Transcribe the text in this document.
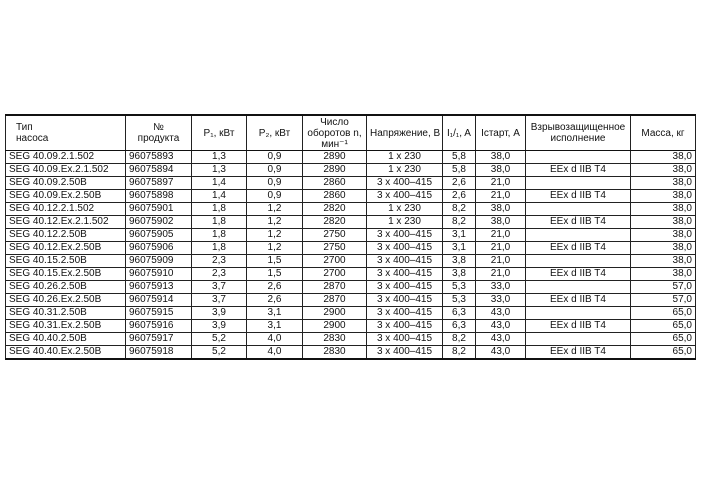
Тип
насоса	№
продукта	P₁, кВт	P₂, кВт	Число
оборотов n,
мин⁻¹	Напряжение, В	I₁/₁, A	Iстарт, A	Взрывозащищенное
исполнение	Масса, кг
SEG 40.09.2.1.502	96075893	1,3	0,9	2890	1 x 230	5,8	38,0		38,0
SEG 40.09.Ex.2.1.502	96075894	1,3	0,9	2890	1 x 230	5,8	38,0	EEx d IIB T4	38,0
SEG 40.09.2.50B	96075897	1,4	0,9	2860	3 x 400–415	2,6	21,0		38,0
SEG 40.09.Ex.2.50B	96075898	1,4	0,9	2860	3 x 400–415	2,6	21,0	EEx d IIB T4	38,0
SEG 40.12.2.1.502	96075901	1,8	1,2	2820	1 x 230	8,2	38,0		38,0
SEG 40.12.Ex.2.1.502	96075902	1,8	1,2	2820	1 x 230	8,2	38,0	EEx d IIB T4	38,0
SEG 40.12.2.50B	96075905	1,8	1,2	2750	3 x 400–415	3,1	21,0		38,0
SEG 40.12.Ex.2.50B	96075906	1,8	1,2	2750	3 x 400–415	3,1	21,0	EEx d IIB T4	38,0
SEG 40.15.2.50B	96075909	2,3	1,5	2700	3 x 400–415	3,8	21,0		38,0
SEG 40.15.Ex.2.50B	96075910	2,3	1,5	2700	3 x 400–415	3,8	21,0	EEx d IIB T4	38,0
SEG 40.26.2.50B	96075913	3,7	2,6	2870	3 x 400–415	5,3	33,0		57,0
SEG 40.26.Ex.2.50B	96075914	3,7	2,6	2870	3 x 400–415	5,3	33,0	EEx d IIB T4	57,0
SEG 40.31.2.50B	96075915	3,9	3,1	2900	3 x 400–415	6,3	43,0		65,0
SEG 40.31.Ex.2.50B	96075916	3,9	3,1	2900	3 x 400–415	6,3	43,0	EEx d IIB T4	65,0
SEG 40.40.2.50B	96075917	5,2	4,0	2830	3 x 400–415	8,2	43,0		65,0
SEG 40.40.Ex.2.50B	96075918	5,2	4,0	2830	3 x 400–415	8,2	43,0	EEx d IIB T4	65,0
